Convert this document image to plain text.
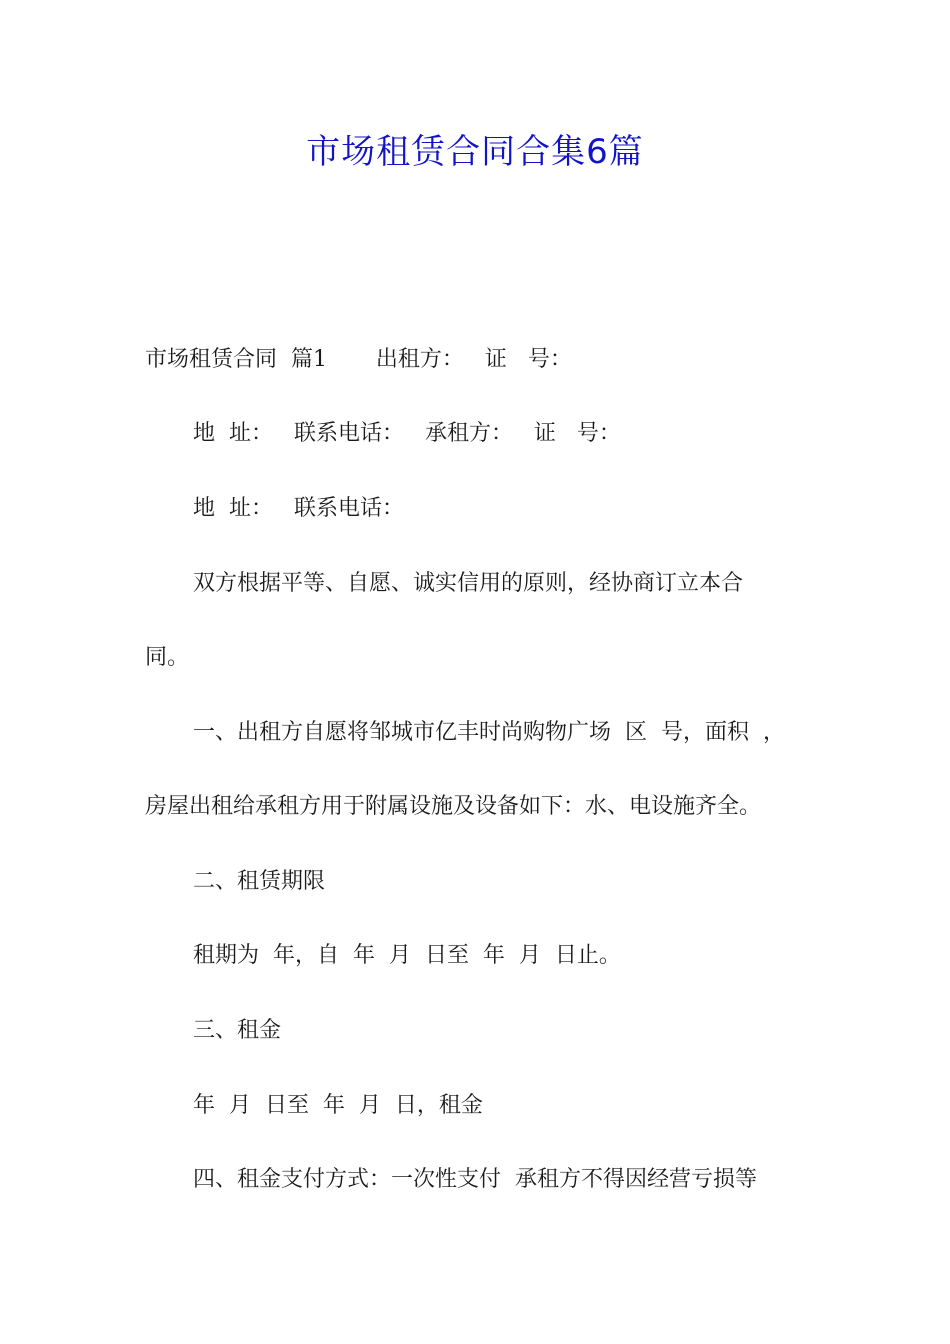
市场租赁合同合集6篇

市场租赁合同  篇1       出租方：   证   号：

地  址：   联系电话：   承租方：   证   号：

地  址：   联系电话：

双方根据平等、自愿、诚实信用的原则，经协商订立本合

同。

一、出租方自愿将邹城市亿丰时尚购物广场  区  号，面积  ，

房屋出租给承租方用于附属设施及设备如下：水、电设施齐全。

二、租赁期限

租期为  年，自  年  月  日至  年  月  日止。

三、租金

年  月  日至  年  月  日，租金

四、租金支付方式：一次性支付  承租方不得因经营亏损等
